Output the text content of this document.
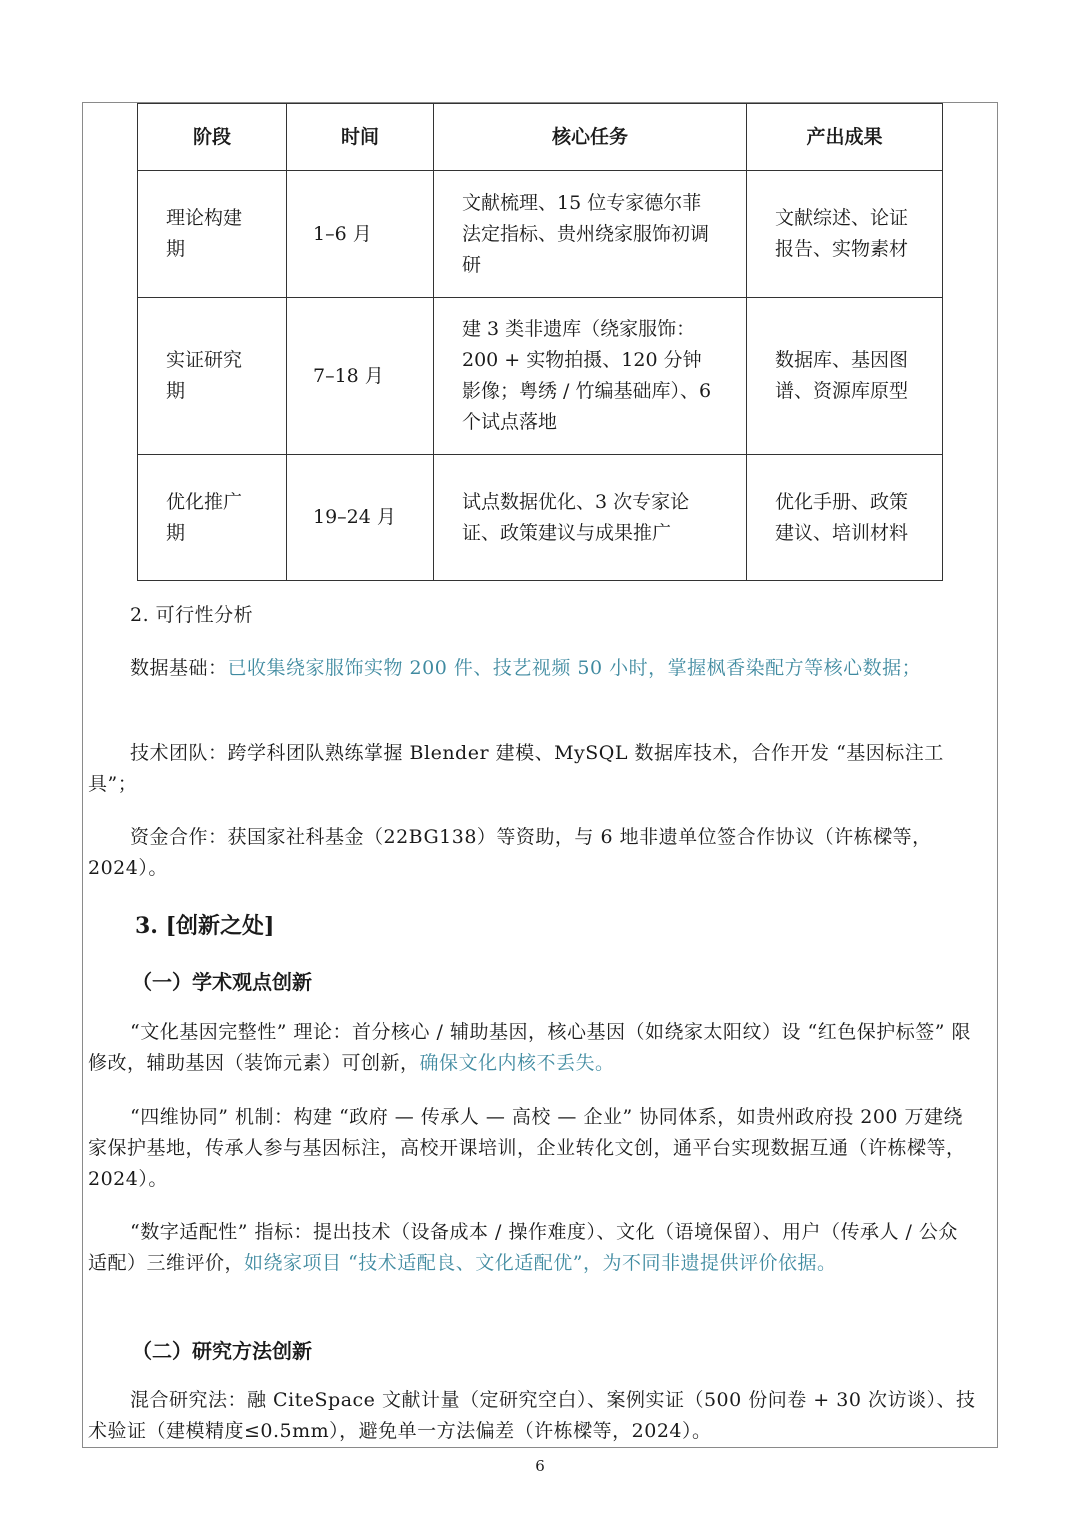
阶段	时间	核心任务	产出成果
理论构建期	1–6 月	文献梳理、15 位专家德尔菲法定指标、贵州绕家服饰初调研	文献综述、论证报告、实物素材
实证研究期	7–18 月	建 3 类非遗库（绕家服饰：200 + 实物拍摄、120 分钟影像；粤绣 / 竹编基础库）、6 个试点落地	数据库、基因图谱、资源库原型
优化推广期	19–24 月	试点数据优化、3 次专家论证、政策建议与成果推广	优化手册、政策建议、培训材料
2. 可行性分析
数据基础：已收集绕家服饰实物 200 件、技艺视频 50 小时，掌握枫香染配方等核心数据；
技术团队：跨学科团队熟练掌握 Blender 建模、MySQL 数据库技术，合作开发 “基因标注工具”；
资金合作：获国家社科基金（22BG138）等资助，与 6 地非遗单位签合作协议（许栋樑等，2024）。
3. [创新之处]
（一）学术观点创新
“文化基因完整性” 理论：首分核心 / 辅助基因，核心基因（如绕家太阳纹）设 “红色保护标签” 限修改，辅助基因（装饰元素）可创新，确保文化内核不丢失。
“四维协同” 机制：构建 “政府 — 传承人 — 高校 — 企业” 协同体系，如贵州政府投 200 万建绕家保护基地，传承人参与基因标注，高校开课培训，企业转化文创，通平台实现数据互通（许栋樑等，2024）。
“数字适配性” 指标：提出技术（设备成本 / 操作难度）、文化（语境保留）、用户（传承人 / 公众适配）三维评价，如绕家项目 “技术适配良、文化适配优”，为不同非遗提供评价依据。
（二）研究方法创新
混合研究法：融 CiteSpace 文献计量（定研究空白）、案例实证（500 份问卷 + 30 次访谈）、技术验证（建模精度≤0.5mm），避免单一方法偏差（许栋樑等，2024）。
6
